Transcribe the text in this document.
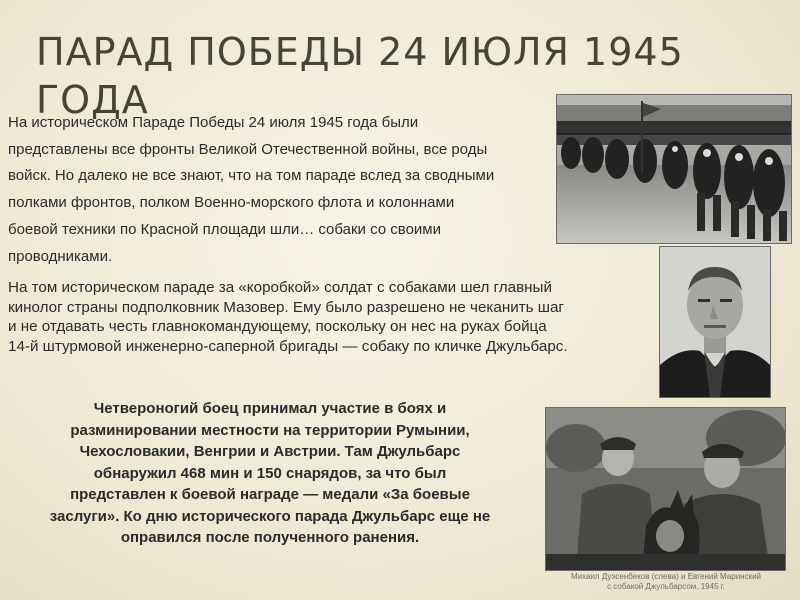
ПАРАД ПОБЕДЫ 24 ИЮЛЯ 1945 ГОДА
На историческом Параде Победы 24 июля 1945 года были
представлены все фронты Великой Отечественной войны, все роды
войск. Но далеко не все знают, что на том параде вслед за сводными
полками фронтов, полком Военно-морского флота и колоннами
боевой техники по Красной площади шли… собаки со своими
проводниками.
На том историческом параде за «коробкой» солдат с собаками шел главный
кинолог страны подполковник Мазовер. Ему было разрешено не чеканить шаг
и не отдавать честь главнокомандующему, поскольку он нес на руках бойца
14-й штурмовой инженерно-саперной бригады — собаку по кличке Джульбарс.
Четвероногий боец принимал участие в боях и
разминировании местности на территории Румынии,
Чехословакии, Венгрии и Австрии. Там Джульбарс
обнаружил 468 мин и 150 снарядов, за что был
представлен к боевой награде — медали «За боевые
заслуги». Ко дню исторического парада Джульбарс еще не
оправился после полученного ранения.
Михаил Дуэсенбеков (слева) и Евгений Маринский
с собакой Джульбарсом, 1945 г.
